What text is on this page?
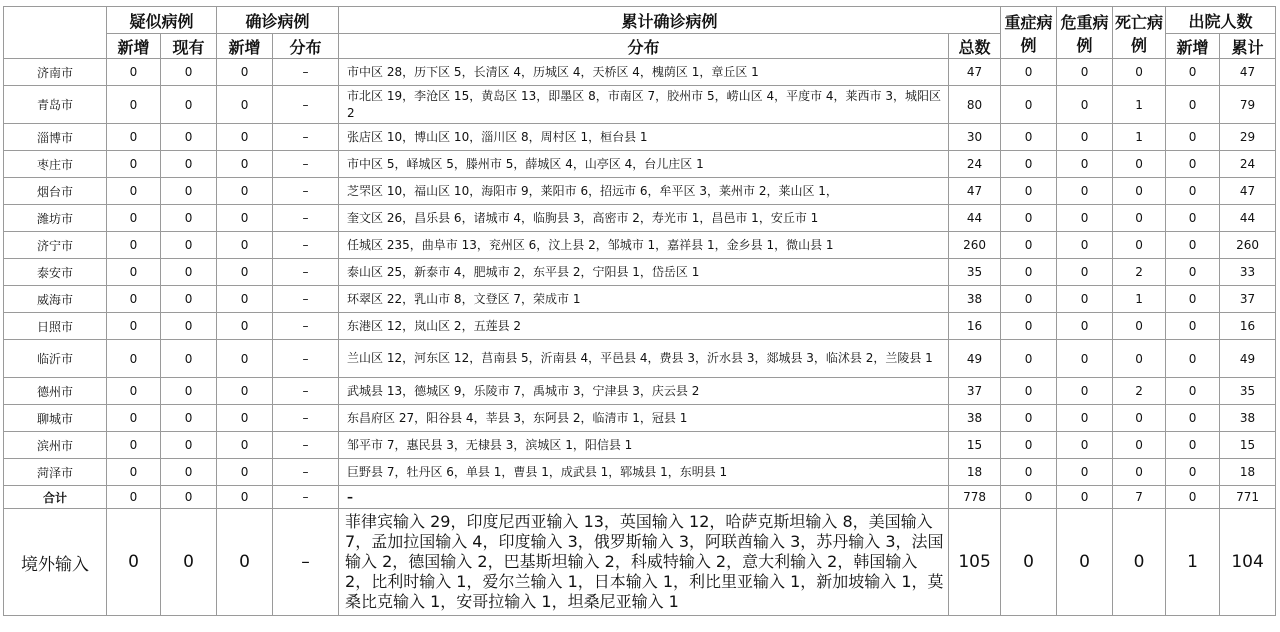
	疑似病例		确诊病例		累计确诊病例		重症病例	危重病例	死亡病例	出院人数	
	新增	现有	新增	分布	分布	总数				新增	累计
济南市	0	0	0	–	市中区 28，历下区 5，长清区 4，历城区 4，天桥区 4，槐荫区 1，章丘区 1	47	0	0	0	0	47
青岛市	0	0	0	–	市北区 19，李沧区 15，黄岛区 13，即墨区 8，市南区 7，胶州市 5，崂山区 4，平度市 4，莱西市 3，城阳区 2	80	0	0	1	0	79
淄博市	0	0	0	–	张店区 10，博山区 10，淄川区 8，周村区 1，桓台县 1	30	0	0	1	0	29
枣庄市	0	0	0	–	市中区 5，峄城区 5，滕州市 5，薛城区 4，山亭区 4，台儿庄区 1	24	0	0	0	0	24
烟台市	0	0	0	–	芝罘区 10，福山区 10，海阳市 9，莱阳市 6，招远市 6，牟平区 3，莱州市 2，莱山区 1，	47	0	0	0	0	47
潍坊市	0	0	0	–	奎文区 26，昌乐县 6，诸城市 4，临朐县 3，高密市 2，寿光市 1，昌邑市 1，安丘市 1	44	0	0	0	0	44
济宁市	0	0	0	–	任城区 235，曲阜市 13，兖州区 6，汶上县 2，邹城市 1，嘉祥县 1，金乡县 1，微山县 1	260	0	0	0	0	260
泰安市	0	0	0	–	泰山区 25，新泰市 4，肥城市 2，东平县 2，宁阳县 1，岱岳区 1	35	0	0	2	0	33
威海市	0	0	0	–	环翠区 22，乳山市 8，文登区 7，荣成市 1	38	0	0	1	0	37
日照市	0	0	0	–	东港区 12，岚山区 2，五莲县 2	16	0	0	0	0	16
临沂市	0	0	0	–	兰山区 12，河东区 12，莒南县 5，沂南县 4，平邑县 4，费县 3，沂水县 3，郯城县 3，临沭县 2，兰陵县 1	49	0	0	0	0	49
德州市	0	0	0	–	武城县 13，德城区 9，乐陵市 7，禹城市 3，宁津县 3，庆云县 2	37	0	0	2	0	35
聊城市	0	0	0	–	东昌府区 27，阳谷县 4，莘县 3，东阿县 2，临清市 1，冠县 1	38	0	0	0	0	38
滨州市	0	0	0	–	邹平市 7，惠民县 3，无棣县 3，滨城区 1，阳信县 1	15	0	0	0	0	15
菏泽市	0	0	0	–	巨野县 7，牡丹区 6，单县 1，曹县 1，成武县 1，郓城县 1，东明县 1	18	0	0	0	0	18
合计	0	0	0	–	–	778	0	0	7	0	771
境外输入	0	0	0	–	菲律宾输入 29，印度尼西亚输入 13，英国输入 12，哈萨克斯坦输入 8，美国输入 7，孟加拉国输入 4，印度输入 3，俄罗斯输入 3，阿联酋输入 3，苏丹输入 3，法国输入 2，德国输入 2，巴基斯坦输入 2，科威特输入 2，意大利输入 2，韩国输入 2，比利时输入 1，爱尔兰输入 1，日本输入 1，利比里亚输入 1，新加坡输入 1，莫桑比克输入 1，安哥拉输入 1，坦桑尼亚输入 1	105	0	0	0	1	104
